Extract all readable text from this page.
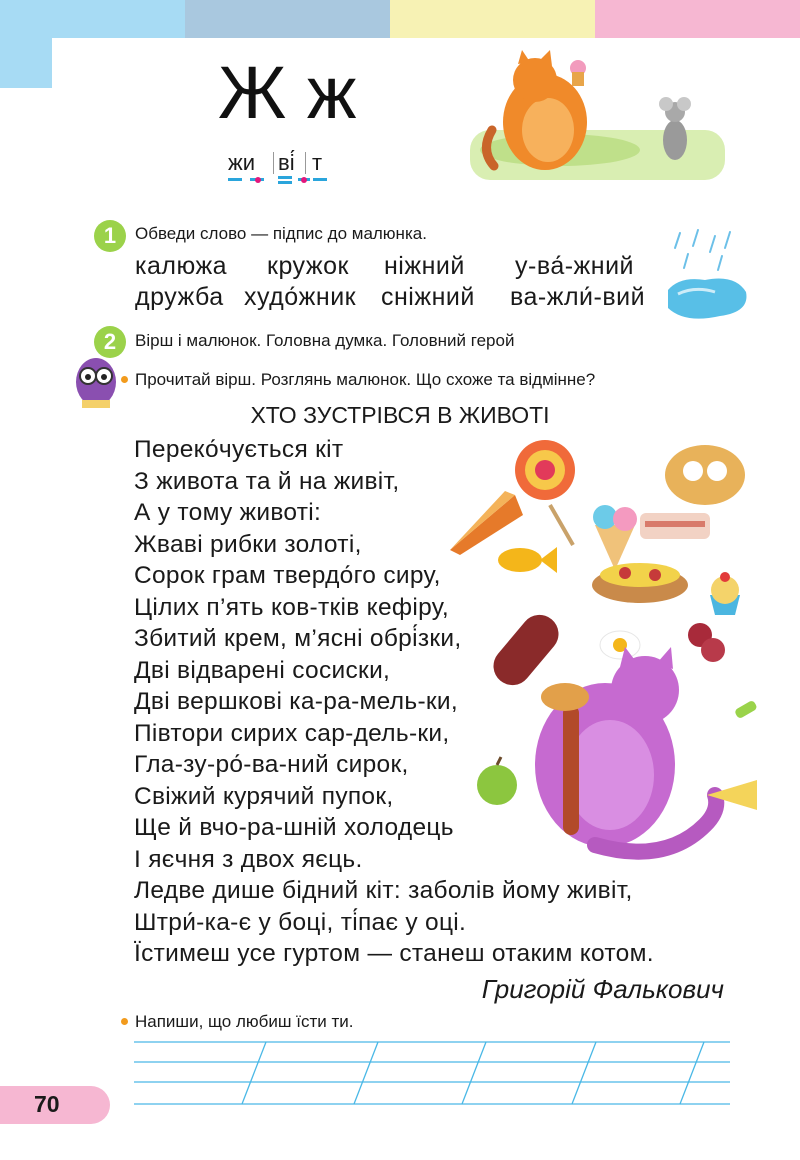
Ж ж
жи ві́ т
1	Обведи слово — підпис до малюнка.
калюжа кружок ніжний у-ва́-жний
дружба худо́жник сніжний ва-жли́-вий
2	Вірш і малюнок. Головна думка. Головний герой
Прочитай вірш. Розглянь малюнок. Що схоже та відмінне?
ХТО ЗУСТРІВСЯ В ЖИВОТІ
Переко́чується кіт
З живота та й на живіт,
А у тому животі:
Жваві рибки золоті,
Сорок грам твердо́го сиру,
Цілих п’ять ков-тків кефіру,
Збитий крем, м’ясні обрі́зки,
Дві відварені сосиски,
Дві вершкові ка-ра-мель-ки,
Півтори сирих сар-дель-ки,
Гла-зу-ро́-ва-ний сирок,
Свіжий курячий пупок,
Ще й вчо-ра-шній холодець
І яєчня з двох яєць.
Ледве дише бідний кіт: заболів йому живіт,
Штри́-ка-є у боці, ті́пає у оці.
Їстимеш усе гуртом — станеш отаким котом.
Григорій Фалькович
Напиши, що любиш їсти ти.
70
